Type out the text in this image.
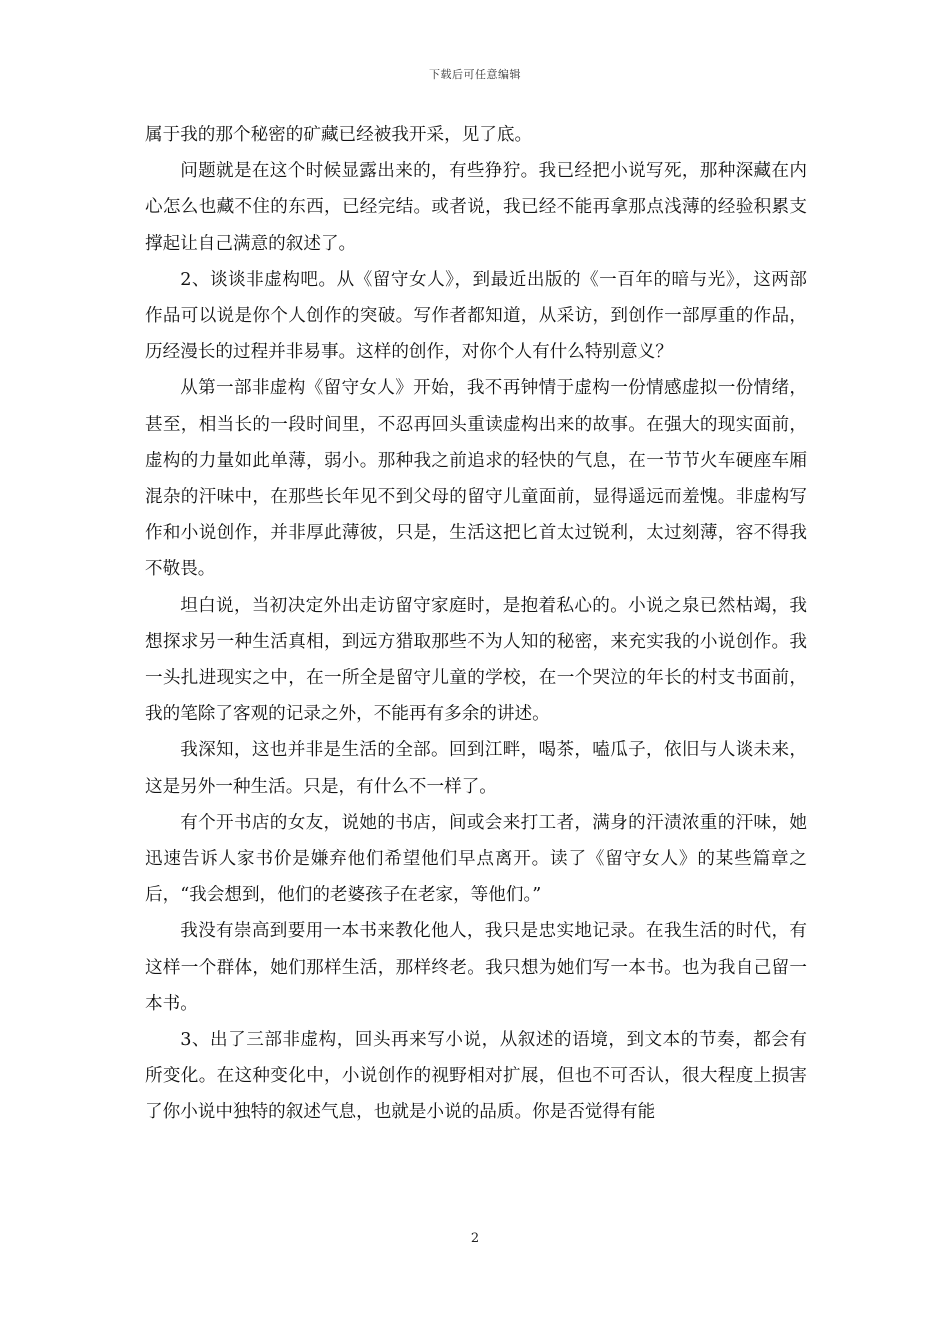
下载后可任意编辑

属于我的那个秘密的矿藏已经被我开采，见了底。

问题就是在这个时候显露出来的，有些狰狞。我已经把小说写死，那种深藏在内心怎么也藏不住的东西，已经完结。或者说，我已经不能再拿那点浅薄的经验积累支撑起让自己满意的叙述了。

2、谈谈非虚构吧。从《留守女人》，到最近出版的《一百年的暗与光》，这两部作品可以说是你个人创作的突破。写作者都知道，从采访，到创作一部厚重的作品，历经漫长的过程并非易事。这样的创作，对你个人有什么特别意义？

从第一部非虚构《留守女人》开始，我不再钟情于虚构一份情感虚拟一份情绪，甚至，相当长的一段时间里，不忍再回头重读虚构出来的故事。在强大的现实面前，虚构的力量如此单薄，弱小。那种我之前追求的轻快的气息，在一节节火车硬座车厢混杂的汗味中，在那些长年见不到父母的留守儿童面前，显得遥远而羞愧。非虚构写作和小说创作，并非厚此薄彼，只是，生活这把匕首太过锐利，太过刻薄，容不得我不敬畏。

坦白说，当初决定外出走访留守家庭时，是抱着私心的。小说之泉已然枯竭，我想探求另一种生活真相，到远方猎取那些不为人知的秘密，来充实我的小说创作。我一头扎进现实之中，在一所全是留守儿童的学校，在一个哭泣的年长的村支书面前，我的笔除了客观的记录之外，不能再有多余的讲述。

我深知，这也并非是生活的全部。回到江畔，喝茶，嗑瓜子，依旧与人谈未来，这是另外一种生活。只是，有什么不一样了。

有个开书店的女友，说她的书店，间或会来打工者，满身的汗渍浓重的汗味，她迅速告诉人家书价是嫌弃他们希望他们早点离开。读了《留守女人》的某些篇章之后，“我会想到，他们的老婆孩子在老家，等他们。”

我没有崇高到要用一本书来教化他人，我只是忠实地记录。在我生活的时代，有这样一个群体，她们那样生活，那样终老。我只想为她们写一本书。也为我自己留一本书。

3、出了三部非虚构，回头再来写小说，从叙述的语境，到文本的节奏，都会有所变化。在这种变化中，小说创作的视野相对扩展，但也不可否认，很大程度上损害了你小说中独特的叙述气息，也就是小说的品质。你是否觉得有能

2
